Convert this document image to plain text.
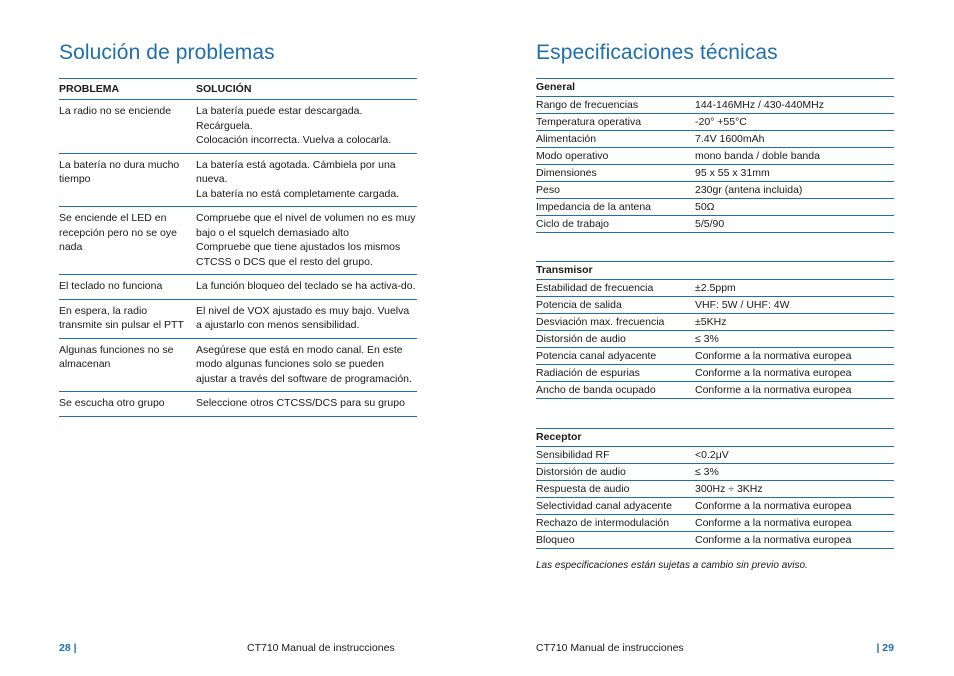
Solución de problemas
PROBLEMA	SOLUCIÓN
La radio no se enciende	La batería puede estar descargada.
Recárguela.
Colocación incorrecta. Vuelva a colocarla.

La batería no dura mucho tiempo	La batería está agotada. Cámbiela por una nueva.
La batería no está completamente cargada.

Se enciende el LED en recepción pero no se oye nada	Compruebe que el nivel de volumen no es muy bajo o el squelch demasiado alto
Compruebe que tiene ajustados los mismos CTCSS o DCS que el resto del grupo.

El teclado no funciona	La función bloqueo del teclado se ha activa-do.

En espera, la radio transmite sin pulsar el PTT	El nivel de VOX ajustado es muy bajo. Vuelva a ajustarlo con menos sensibilidad.

Algunas funciones no se almacenan	Asegúrese que está en modo canal. En este modo algunas funciones solo se pueden ajustar a través del software de programación.

Se escucha otro grupo	Seleccione otros CTCSS/DCS para su grupo
28 |	CT710 Manual de instrucciones
Especificaciones técnicas
General
Rango de frecuencias	144-146MHz / 430-440MHz
Temperatura operativa	-20° +55°C
Alimentación	7.4V 1600mAh
Modo operativo	mono banda / doble banda
Dimensiones	95 x 55 x 31mm
Peso	230gr (antena incluida)
Impedancia de la antena	50Ω
Ciclo de trabajo	5/5/90
Transmisor
Estabilidad de frecuencia	±2.5ppm
Potencia de salida	VHF: 5W / UHF: 4W
Desviación max. frecuencia	±5KHz
Distorsión de audio	≤ 3%
Potencia canal adyacente	Conforme a la normativa europea
Radiación de espurias	Conforme a la normativa europea
Ancho de banda ocupado	Conforme a la normativa europea
Receptor
Sensibilidad RF	<0.2μV
Distorsión de audio	≤ 3%
Respuesta de audio	300Hz ÷ 3KHz
Selectividad canal adyacente	Conforme a la normativa europea
Rechazo de intermodulación	Conforme a la normativa europea
Bloqueo	Conforme a la normativa europea
Las especificaciones están sujetas a cambio sin previo aviso.
CT710 Manual de instrucciones	| 29
